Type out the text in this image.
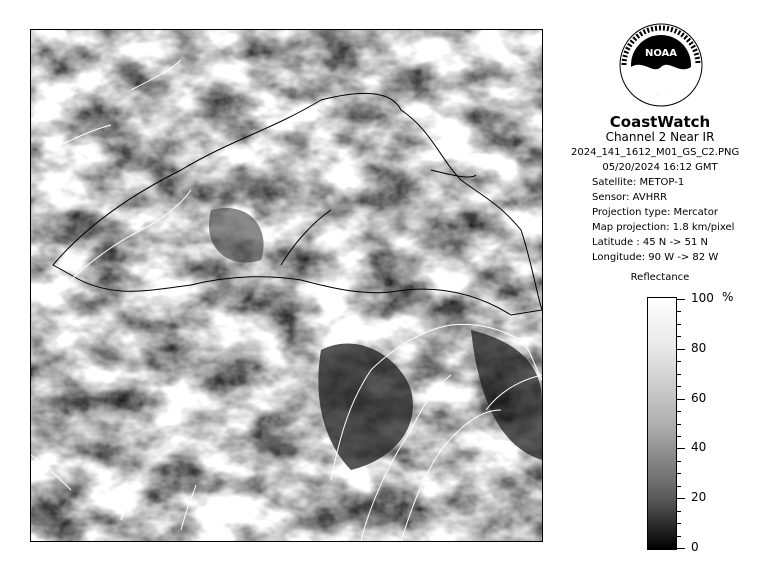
NOAA
CoastWatch
Channel 2 Near IR
2024_141_1612_M01_GS_C2.PNG
05/20/2024 16:12 GMT
Satellite: METOP-1
Sensor: AVHRR
Projection type: Mercator
Map projection: 1.8 km/pixel
Latitude : 45 N -> 51 N
Longitude: 90 W -> 82 W
Reflectance
%
100
80
60
40
20
0
